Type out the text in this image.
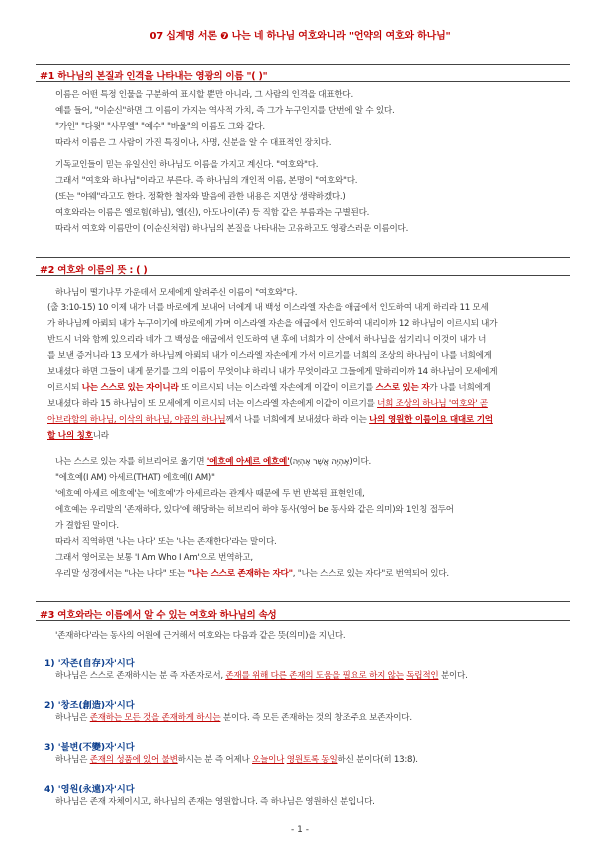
07 십계명 서론 ❼ 나는 네 하나님 여호와니라 "언약의 여호와 하나님"
#1 하나님의 본질과 인격을 나타내는 영광의 이름 "( )"
이름은 어떤 특정 인물을 구분하여 표시할 뿐만 아니라, 그 사람의 인격을 대표한다.
예를 들어, "이순신"하면 그 이름이 가지는 역사적 가치, 즉 그가 누구인지를 단번에 알 수 있다.
"가인" "다윗" "사무엘" "예수" "바울"의 이름도 그와 같다.
따라서 이름은 그 사람이 가진 특징이나, 사명, 신분을 알 수 대표적인 장치다.
기독교인들이 믿는 유일신인 하나님도 이름을 가지고 계신다. "여호와"다.
그래서 "여호와 하나님"이라고 부른다. 즉 하나님의 개인적 이름, 본명이 "여호와"다.
(또는 "야웨"라고도 한다. 정확한 철자와 발음에 관한 내용은 지면상 생략하겠다.)
여호와라는 이름은 엘로힘(하님), 엘(신), 아도나이(주) 등 직함 같은 부름과는 구별된다.
따라서 여호와 이름만이 (이순신처럼) 하나님의 본질을 나타내는 고유하고도 영광스러운 이름이다.
#2 여호와 이름의 뜻 : ( )
하나님이 떨기나무 가운데서 모세에게 알려주신 이름이 "여호와"다.
(출 3:10-15) 10 이제 내가 너를 바로에게 보내어 너에게 내 백성 이스라엘 자손을 애굽에서 인도하여 내게 하리라 11 모세
가 하나님께 아뢰되 내가 누구이기에 바로에게 가며 이스라엘 자손을 애굽에서 인도하여 내리이까 12 하나님이 이르시되 내가
반드시 너와 함께 있으리라 네가 그 백성을 애굽에서 인도하여 낸 후에 너희가 이 산에서 하나님을 섬기리니 이것이 내가 너
를 보낸 증거니라 13 모세가 하나님께 아뢰되 내가 이스라엘 자손에게 가서 이르기를 너희의 조상의 하나님이 나를 너희에게
보내셨다 하면 그들이 내게 묻기를 그의 이름이 무엇이냐 하리니 내가 무엇이라고 그들에게 말하리이까 14 하나님이 모세에게
이르시되 나는 스스로 있는 자이니라 또 이르시되 너는 이스라엘 자손에게 이같이 이르기를 스스로 있는 자가 나를 너희에게
보내셨다 하라 15 하나님이 또 모세에게 이르시되 너는 이스라엘 자손에게 이같이 이르기를 너희 조상의 하나님 '여호와' 곧
아브라함의 하나님, 이삭의 하나님, 야곱의 하나님께서 나를 너희에게 보내셨다 하라 이는 나의 영원한 이름이요 대대로 기억
할 나의 칭호니라
나는 스스로 있는 자를 히브리어로 옮기면 '에흐예 아세르 에흐예'(אֶהְיֶה אֲשֶׁר אֶהְיֶה)이다.
"에흐예(I AM) 아세르(THAT) 에흐예(I AM)"
'에흐예 아세르 에흐예'는 '에흐예'가 아세르라는 관계사 때문에 두 번 반복된 표현인데,
에흐예는 우리말의 '존재하다, 있다'에 해당하는 히브리어 하야 동사(영어 be 동사와 같은 의미)와 1인칭 접두어
가 결합된 말이다.
따라서 직역하면 '나는 나다' 또는 '나는 존재한다'라는 말이다.
그래서 영어로는 보통 'I Am Who I Am'으로 번역하고,
우리말 성경에서는 "나는 나다" 또는 "나는 스스로 존재하는 자다", "나는 스스로 있는 자다"로 번역되어 있다.
#3 여호와라는 이름에서 알 수 있는 여호와 하나님의 속성
'존재하다'라는 동사의 어원에 근거해서 여호와는 다음과 같은 뜻(의미)을 지닌다.
1) '자존(自存)자'시다
하나님은 스스로 존재하시는 분 즉 자존자로서, 존재를 위해 다른 존재의 도움을 필요로 하지 않는 독립적인 분이다.
2) '창조(創造)자'시다
하나님은 존재하는 모든 것을 존재하게 하시는 분이다. 즉 모든 존재하는 것의 창조주요 보존자이다.
3) '불변(不變)자'시다
하나님은 존재의 성품에 있어 불변하시는 분 즉 어제나 오늘이나 영원토록 동일하신 분이다(히 13:8).
4) '영원(永遠)자'시다
하나님은 존재 자체이시고, 하나님의 존재는 영원합니다. 즉 하나님은 영원하신 분입니다.
- 1 -
